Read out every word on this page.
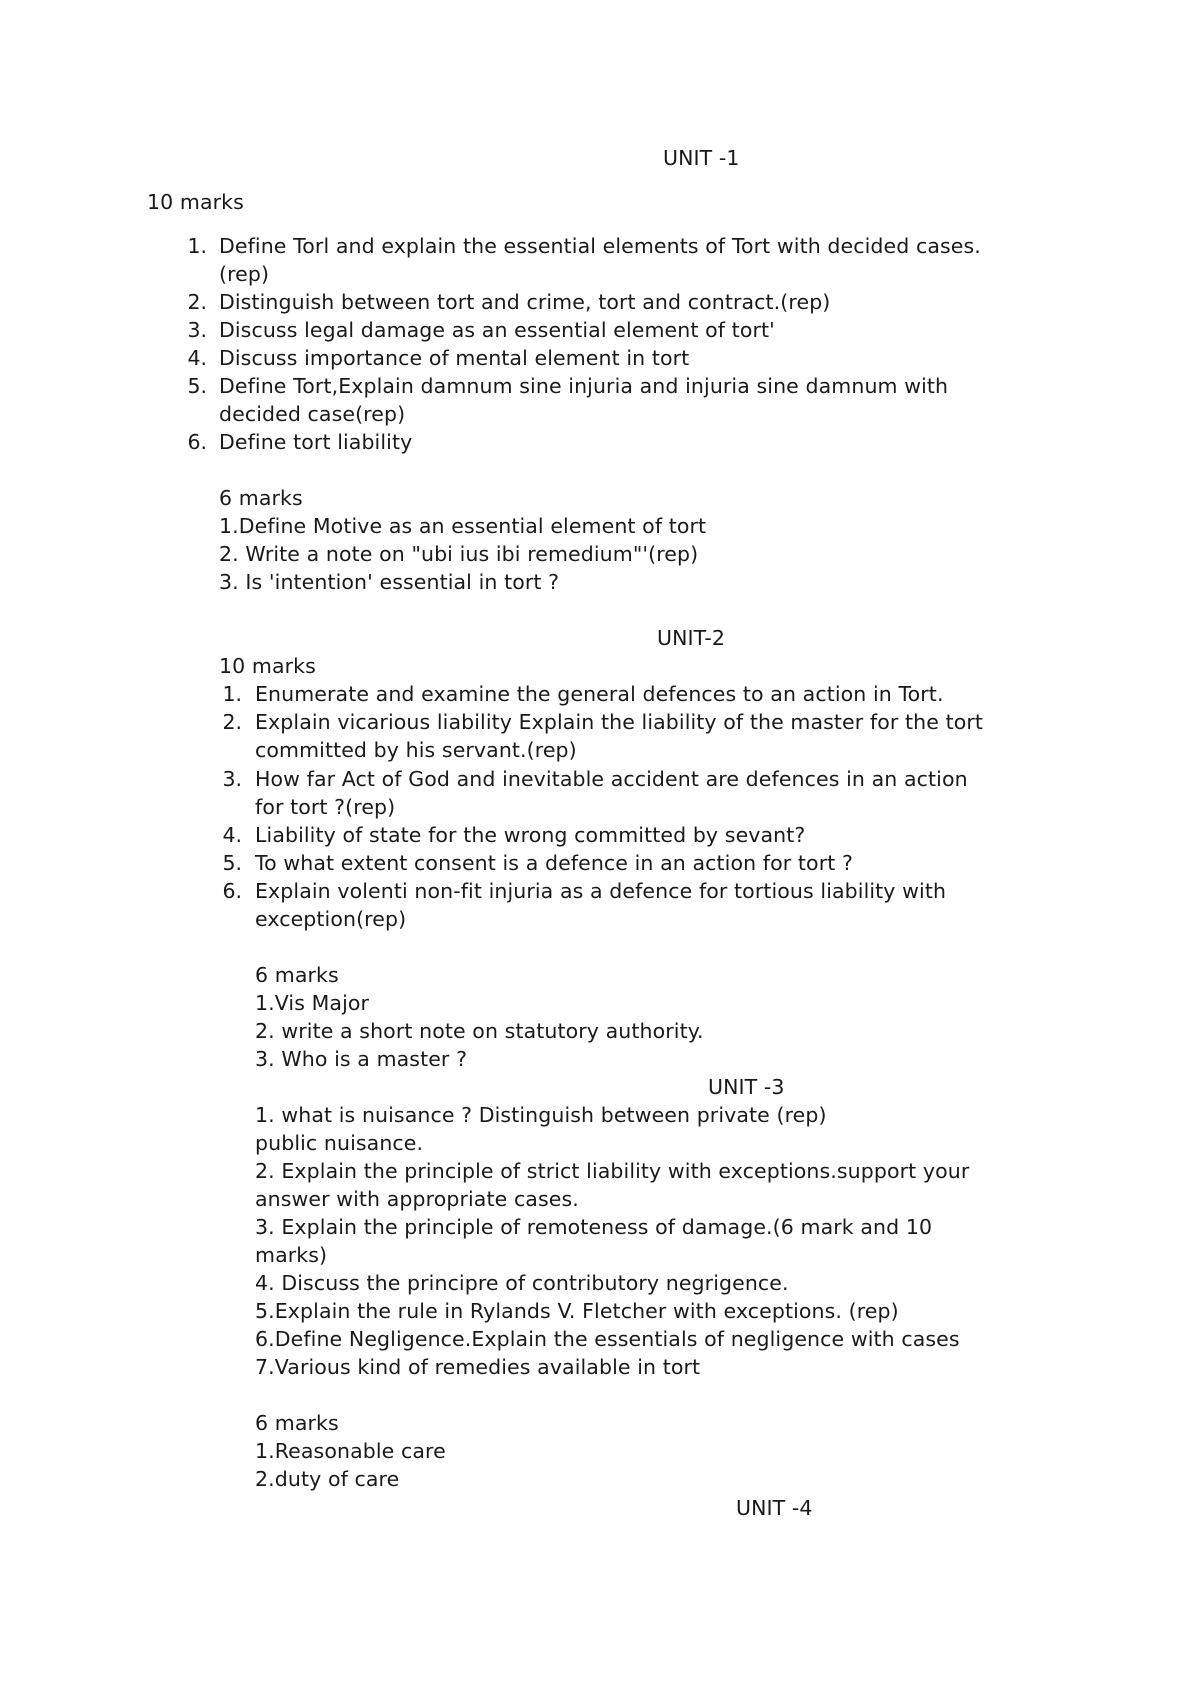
UNIT -1
10 marks
1. Define Torl and explain the essential elements of Tort with decided cases.
(rep)
2. Distinguish between tort and crime, tort and contract.(rep)
3. Discuss legal damage as an essential element of tort'
4. Discuss importance of mental element in tort
5. Define Tort,Explain damnum sine injuria and injuria sine damnum with
decided case(rep)
6. Define tort liability
6 marks
1.Define Motive as an essential element of tort
2. Write a note on "ubi ius ibi remedium"'(rep)
3. Is 'intention' essential in tort ?
UNIT-2
10 marks
1. Enumerate and examine the general defences to an action in Tort.
2. Explain vicarious liability Explain the liability of the master for the tort
committed by his servant.(rep)
3. How far Act of God and inevitable accident are defences in an action
for tort ?(rep)
4. Liability of state for the wrong committed by sevant?
5. To what extent consent is a defence in an action for tort ?
6. Explain volenti non-fit injuria as a defence for tortious liability with
exception(rep)
6 marks
1.Vis Major
2. write a short note on statutory authority.
3. Who is a master ?
UNIT -3
1. what is nuisance ? Distinguish between private (rep)
public nuisance.
2. Explain the principle of strict liability with exceptions.support your
answer with appropriate cases.
3. Explain the principle of remoteness of damage.(6 mark and 10
marks)
4. Discuss the principre of contributory negrigence.
5.Explain the rule in Rylands V. Fletcher with exceptions. (rep)
6.Define Negligence.Explain the essentials of negligence with cases
7.Various kind of remedies available in tort
6 marks
1.Reasonable care
2.duty of care
UNIT -4
